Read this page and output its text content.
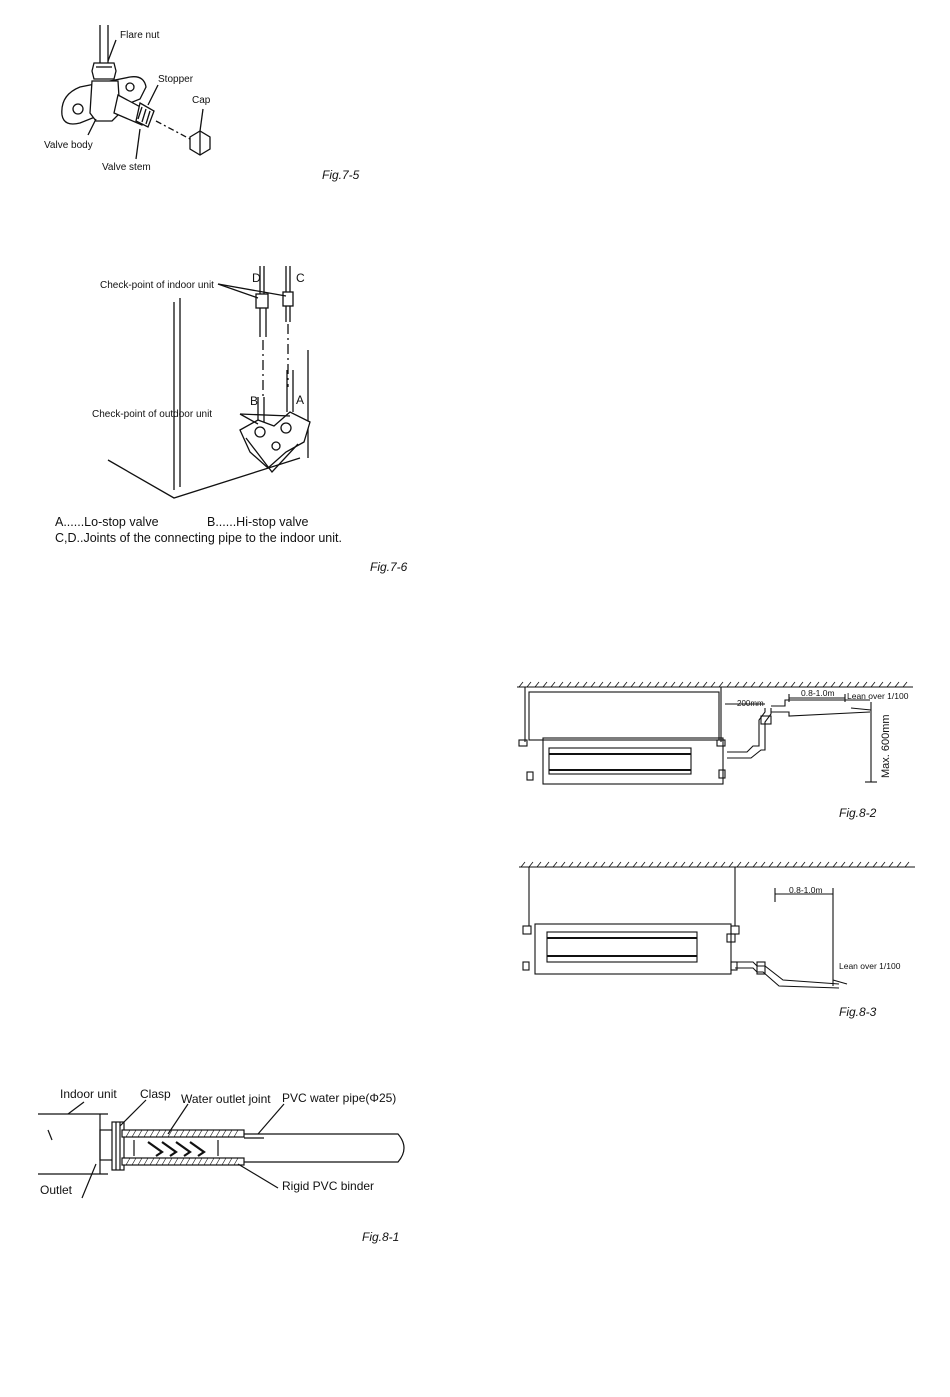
Flare nut
Stopper
Cap
Valve body
Valve stem
Fig.7-5
Check-point of indoor unit
D	C
Check-point of outdoor unit
B	A
A......Lo-stop valve	B......Hi-stop valve
C,D..Joints of the connecting pipe to the indoor unit.
Fig.7-6
200mm
0.8-1.0m Lean over 1/100
Max. 600mm
Fig.8-2
0.8-1.0m
Lean over 1/100
Fig.8-3
Indoor unit Clasp Water outlet joint PVC water pipe(Φ25)
Outlet	Rigid PVC binder
Fig.8-1
